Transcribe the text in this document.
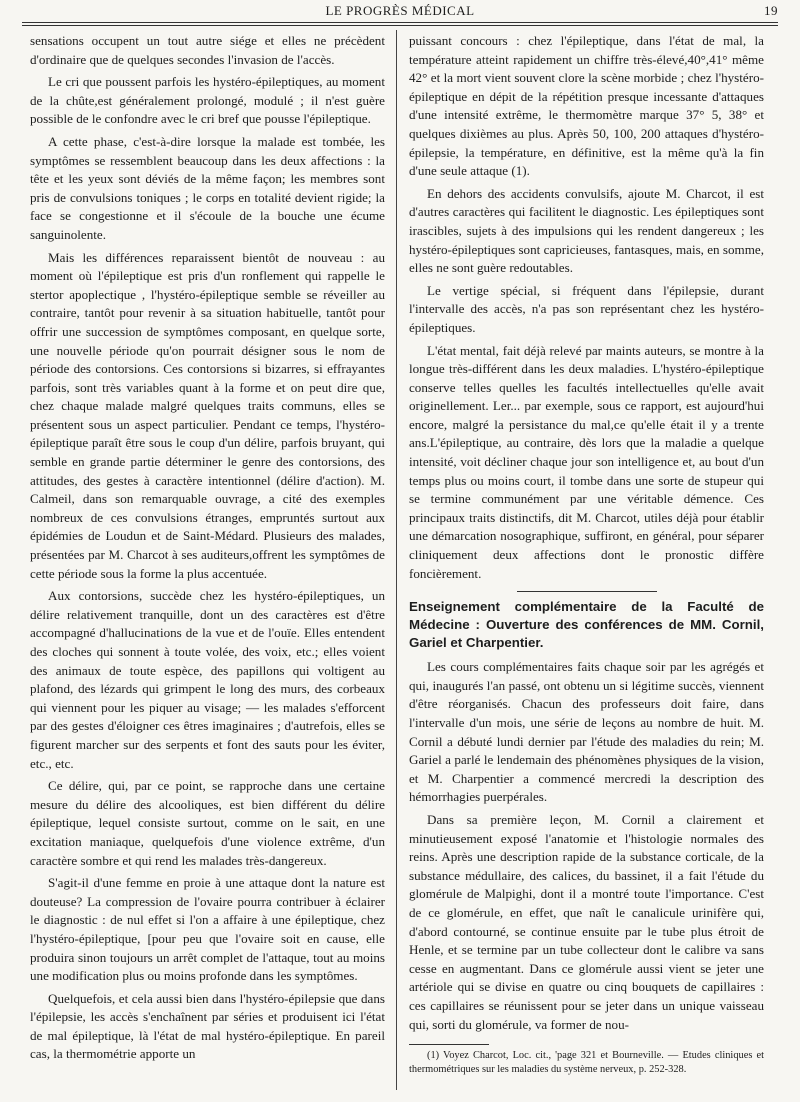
LE PROGRÈS MÉDICAL	19

sensations occupent un tout autre siége et elles ne précèdent d'ordinaire que de quelques secondes l'invasion de l'accès.

Le cri que poussent parfois les hystéro-épileptiques, au moment de la chûte,est généralement prolongé, modulé ; il n'est guère possible de le confondre avec le cri bref que pousse l'épileptique.

A cette phase, c'est-à-dire lorsque la malade est tombée, les symptômes se ressemblent beaucoup dans les deux affections : la tête et les yeux sont déviés de la même façon; les membres sont pris de convulsions toniques ; le corps en totalité devient rigide; la face se congestionne et il s'écoule de la bouche une écume sanguinolente.

Mais les différences reparaissent bientôt de nouveau : au moment où l'épileptique est pris d'un ronflement qui rappelle le stertor apoplectique , l'hystéro-épileptique semble se réveiller au contraire, tantôt pour revenir à sa situation habituelle, tantôt pour offrir une succession de symptômes composant, en quelque sorte, une nouvelle période qu'on pourrait désigner sous le nom de période des contorsions. Ces contorsions si bizarres, si effrayantes parfois, sont très variables quant à la forme et on peut dire que, chez chaque malade malgré quelques traits communs, elles se présentent sous un aspect particulier. Pendant ce temps, l'hystéro-épileptique paraît être sous le coup d'un délire, parfois bruyant, qui semble en grande partie déterminer le genre des contorsions, des attitudes, des gestes à caractère intentionnel (délire d'action). M. Calmeil, dans son remarquable ouvrage, a cité des exemples nombreux de ces convulsions étranges, empruntés surtout aux épidémies de Loudun et de Saint-Médard. Plusieurs des malades, présentées par M. Charcot à ses auditeurs,offrent les symptômes de cette période sous la forme la plus accentuée.

Aux contorsions, succède chez les hystéro-épileptiques, un délire relativement tranquille, dont un des caractères est d'être accompagné d'hallucinations de la vue et de l'ouïe. Elles entendent des cloches qui sonnent à toute volée, des voix, etc.; elles voient des animaux de toute espèce, des papillons qui voltigent au plafond, des lézards qui grimpent le long des murs, des corbeaux qui viennent pour les piquer au visage; — les malades s'efforcent par des gestes d'éloigner ces êtres imaginaires ; d'autrefois, elles se figurent marcher sur des serpents et font des sauts pour les éviter, etc., etc.

Ce délire, qui, par ce point, se rapproche dans une certaine mesure du délire des alcooliques, est bien différent du délire épileptique, lequel consiste surtout, comme on le sait, en une excitation maniaque, quelquefois d'une violence extrême, d'un caractère sombre et qui rend les malades très-dangereux.

S'agit-il d'une femme en proie à une attaque dont la nature est douteuse? La compression de l'ovaire pourra contribuer à éclairer le diagnostic : de nul effet si l'on a affaire à une épileptique, chez l'hystéro-épileptique, [pour peu que l'ovaire soit en cause, elle produira sinon toujours un arrêt complet de l'attaque, tout au moins une modification plus ou moins profonde dans les symptômes.

Quelquefois, et cela aussi bien dans l'hystéro-épilepsie que dans l'épilepsie, les accès s'enchaînent par séries et produisent ici l'état de mal épileptique, là l'état de mal hystéro-épileptique. En pareil cas, la thermométrie apporte un

puissant concours : chez l'épileptique, dans l'état de mal, la température atteint rapidement un chiffre très-élevé,40°,41° même 42° et la mort vient souvent clore la scène morbide ; chez l'hystéro-épileptique en dépit de la répétition presque incessante d'attaques d'une intensité extrême, le thermomètre marque 37° 5, 38° et quelques dixièmes au plus. Après 50, 100, 200 attaques d'hystéro-épilepsie, la température, en définitive, est la même qu'à la fin d'une seule attaque (1).

En dehors des accidents convulsifs, ajoute M. Charcot, il est d'autres caractères qui facilitent le diagnostic. Les épileptiques sont irascibles, sujets à des impulsions qui les rendent dangereux ; les hystéro-épileptiques sont capricieuses, fantasques, mais, en somme, elles ne sont guère redoutables.

Le vertige spécial, si fréquent dans l'épilepsie, durant l'intervalle des accès, n'a pas son représentant chez les hystéro-épileptiques.

L'état mental, fait déjà relevé par maints auteurs, se montre à la longue très-différent dans les deux maladies. L'hystéro-épileptique conserve telles quelles les facultés intellectuelles qu'elle avait originellement. Ler... par exemple, sous ce rapport, est aujourd'hui encore, malgré la persistance du mal,ce qu'elle était il y a trente ans.L'épileptique, au contraire, dès lors que la maladie a quelque intensité, voit décliner chaque jour son intelligence et, au bout d'un temps plus ou moins court, il tombe dans une sorte de stupeur qui se termine communément par une véritable démence. Ces principaux traits distinctifs, dit M. Charcot, utiles déjà pour établir une démarcation nosographique, suffiront, en général, pour séparer cliniquement deux affections dont le pronostic diffère foncièrement.

Enseignement complémentaire de la Faculté de Médecine : Ouverture des conférences de MM. Cornil, Gariel et Charpentier.

Les cours complémentaires faits chaque soir par les agrégés et qui, inaugurés l'an passé, ont obtenu un si légitime succès, viennent d'être réorganisés. Chacun des professeurs doit faire, dans l'intervalle d'un mois, une série de leçons au nombre de huit. M. Cornil a débuté lundi dernier par l'étude des maladies du rein; M. Gariel a parlé le lendemain des phénomènes physiques de la vision, et M. Charpentier a commencé mercredi la description des hémorrhagies puerpérales.

Dans sa première leçon, M. Cornil a clairement et minutieusement exposé l'anatomie et l'histologie normales des reins. Après une description rapide de la substance corticale, de la substance médullaire, des calices, du bassinet, il a fait l'étude du glomérule de Malpighi, dont il a montré toute l'importance. C'est de ce glomérule, en effet, que naît le canalicule urinifère qui, d'abord contourné, se continue ensuite par le tube plus étroit de Henle, et se termine par un tube collecteur dont le calibre va sans cesse en augmentant. Dans ce glomérule aussi vient se jeter une artériole qui se divise en quatre ou cinq bouquets de capillaires : ces capillaires se réunissent pour se jeter dans un unique vaisseau qui, sorti du glomérule, va former de nou-

(1) Voyez Charcot, Loc. cit., 'page 321 et Bourneville. — Etudes cliniques et thermométriques sur les maladies du système nerveux, p. 252-328.
